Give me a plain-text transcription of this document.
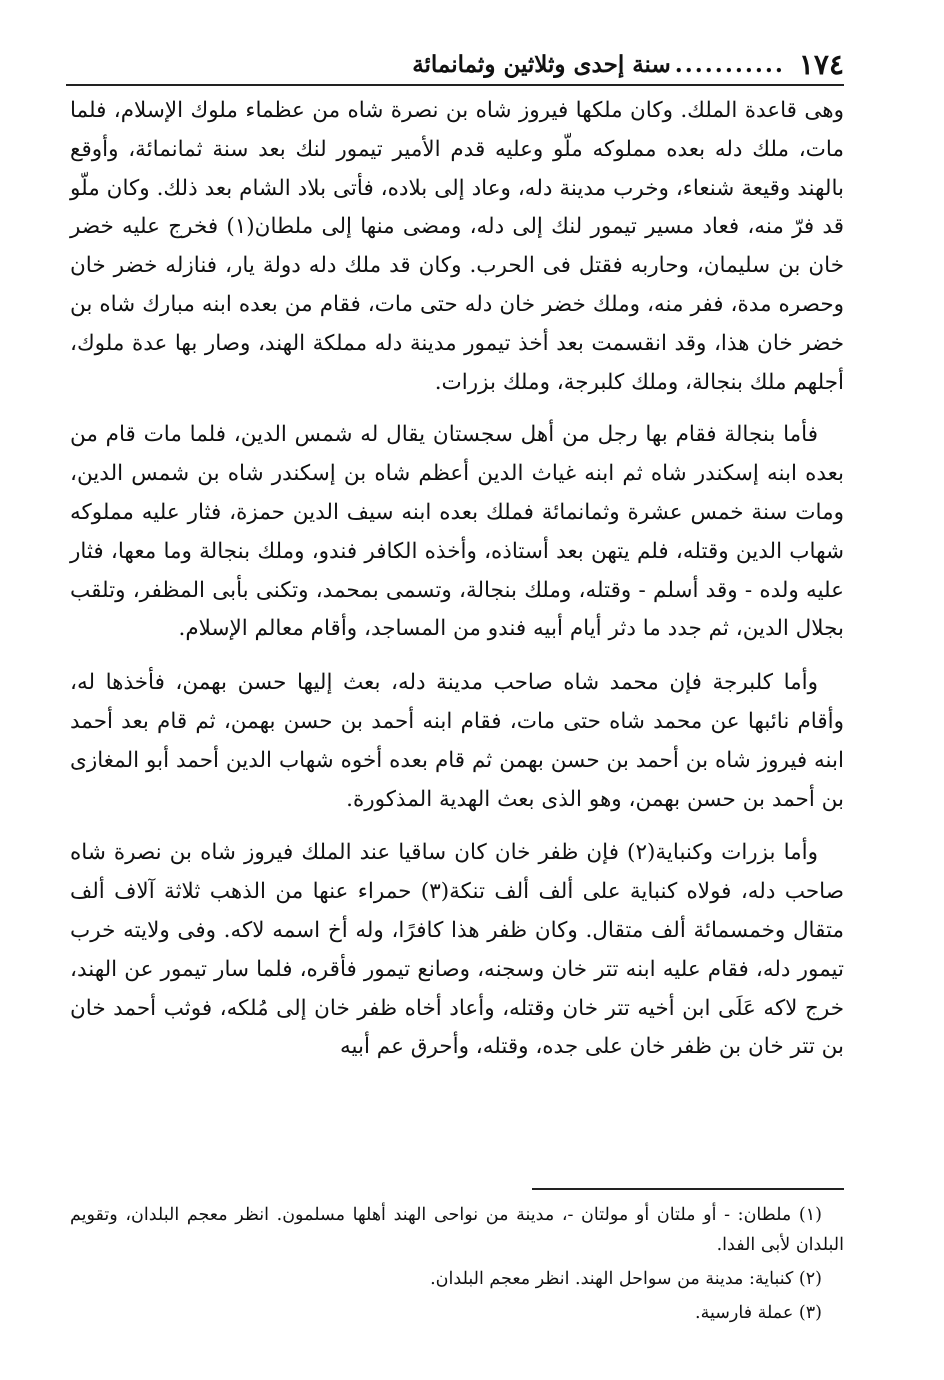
١٧٤
...........
سنة إحدى وثلاثين وثمانمائة

وهى قاعدة الملك. وكان ملكها فيروز شاه بن نصرة شاه من عظماء ملوك الإسلام، فلما مات، ملك دله بعده مملوكه ملّو وعليه قدم الأمير تيمور لنك بعد سنة ثمانمائة، وأوقع بالهند وقيعة شنعاء، وخرب مدينة دله، وعاد إلى بلاده، فأتى بلاد الشام بعد ذلك. وكان ملّو قد فرّ منه، فعاد مسير تيمور لنك إلى دله، ومضى منها إلى ملطان(١) فخرج عليه خضر خان بن سليمان، وحاربه فقتل فى الحرب. وكان قد ملك دله دولة يار، فنازله خضر خان وحصره مدة، ففر منه، وملك خضر خان دله حتى مات، فقام من بعده ابنه مبارك شاه بن خضر خان هذا، وقد انقسمت بعد أخذ تيمور مدينة دله مملكة الهند، وصار بها عدة ملوك، أجلهم ملك بنجالة، وملك كلبرجة، وملك بزرات.

فأما بنجالة فقام بها رجل من أهل سجستان يقال له شمس الدين، فلما مات قام من بعده ابنه إسكندر شاه ثم ابنه غياث الدين أعظم شاه بن إسكندر شاه بن شمس الدين، ومات سنة خمس عشرة وثمانمائة فملك بعده ابنه سيف الدين حمزة، فثار عليه مملوكه شهاب الدين وقتله، فلم يتهن بعد أستاذه، وأخذه الكافر فندو، وملك بنجالة وما معها، فثار عليه ولده - وقد أسلم - وقتله، وملك بنجالة، وتسمى بمحمد، وتكنى بأبى المظفر، وتلقب بجلال الدين، ثم جدد ما دثر أيام أبيه فندو من المساجد، وأقام معالم الإسلام.

وأما كلبرجة فإن محمد شاه صاحب مدينة دله، بعث إليها حسن بهمن، فأخذها له، وأقام نائبها عن محمد شاه حتى مات، فقام ابنه أحمد بن حسن بهمن، ثم قام بعد أحمد ابنه فيروز شاه بن أحمد بن حسن بهمن ثم قام بعده أخوه شهاب الدين أحمد أبو المغازى بن أحمد بن حسن بهمن، وهو الذى بعث الهدية المذكورة.

وأما بزرات وكنباية(٢) فإن ظفر خان كان ساقيا عند الملك فيروز شاه بن نصرة شاه صاحب دله، فولاه كنباية على ألف ألف تنكة(٣) حمراء عنها من الذهب ثلاثة آلاف ألف متقال وخمسمائة ألف متقال. وكان ظفر هذا كافرًا، وله أخ اسمه لاكه. وفى ولايته خرب تيمور دله، فقام عليه ابنه تتر خان وسجنه، وصانع تيمور فأقره، فلما سار تيمور عن الهند، خرج لاكه عَلَى ابن أخيه تتر خان وقتله، وأعاد أخاه ظفر خان إلى مُلكه، فوثب أحمد خان بن تتر خان بن ظفر خان على جده، وقتله، وأحرق عم أبيه

(١) ملطان: - أو ملتان أو مولتان -، مدينة من نواحى الهند أهلها مسلمون. انظر معجم البلدان، وتقويم البلدان لأبى الفدا.

(٢) كنباية: مدينة من سواحل الهند. انظر معجم البلدان.

(٣) عملة فارسية.
